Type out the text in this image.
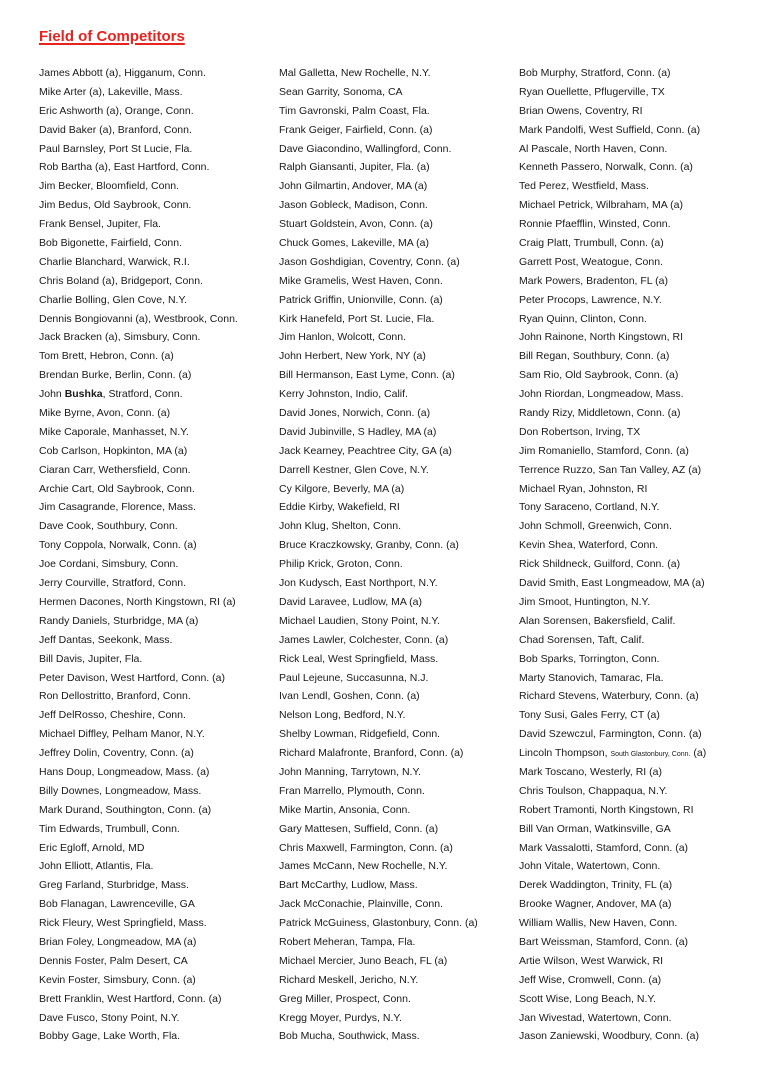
Field of Competitors
James Abbott (a), Higganum, Conn.
Mike Arter (a), Lakeville, Mass.
Eric Ashworth (a), Orange, Conn.
David Baker (a), Branford, Conn.
Paul Barnsley, Port St Lucie, Fla.
Rob Bartha (a), East Hartford, Conn.
Jim Becker, Bloomfield, Conn.
Jim Bedus, Old Saybrook, Conn.
Frank Bensel, Jupiter, Fla.
Bob Bigonette, Fairfield, Conn.
Charlie Blanchard, Warwick, R.I.
Chris Boland (a), Bridgeport, Conn.
Charlie Bolling, Glen Cove, N.Y.
Dennis Bongiovanni (a), Westbrook, Conn.
Jack Bracken (a), Simsbury, Conn.
Tom Brett, Hebron, Conn. (a)
Brendan Burke, Berlin, Conn. (a)
John Bushka, Stratford, Conn.
Mike Byrne, Avon, Conn. (a)
Mike Caporale, Manhasset, N.Y.
Cob Carlson, Hopkinton, MA (a)
Ciaran Carr, Wethersfield, Conn.
Archie Cart, Old Saybrook, Conn.
Jim Casagrande, Florence, Mass.
Dave Cook, Southbury, Conn.
Tony Coppola, Norwalk, Conn. (a)
Joe Cordani, Simsbury, Conn.
Jerry Courville, Stratford, Conn.
Hermen Dacones, North Kingstown, RI (a)
Randy Daniels, Sturbridge, MA (a)
Jeff Dantas, Seekonk, Mass.
Bill Davis, Jupiter, Fla.
Peter Davison, West Hartford, Conn. (a)
Ron Dellostritto, Branford, Conn.
Jeff DelRosso, Cheshire, Conn.
Michael Diffley, Pelham Manor, N.Y.
Jeffrey Dolin, Coventry, Conn. (a)
Hans Doup, Longmeadow, Mass. (a)
Billy Downes, Longmeadow, Mass.
Mark Durand, Southington, Conn. (a)
Tim Edwards, Trumbull, Conn.
Eric Egloff, Arnold, MD
John Elliott, Atlantis, Fla.
Greg Farland, Sturbridge, Mass.
Bob Flanagan, Lawrenceville, GA
Rick Fleury, West Springfield, Mass.
Brian Foley, Longmeadow, MA (a)
Dennis Foster, Palm Desert, CA
Kevin Foster, Simsbury, Conn. (a)
Brett Franklin, West Hartford, Conn. (a)
Dave Fusco, Stony Point, N.Y.
Bobby Gage, Lake Worth, Fla.
Mal Galletta, New Rochelle, N.Y.
Sean Garrity, Sonoma, CA
Tim Gavronski, Palm Coast, Fla.
Frank Geiger, Fairfield, Conn. (a)
Dave Giacondino, Wallingford, Conn.
Ralph Giansanti, Jupiter, Fla. (a)
John Gilmartin, Andover, MA (a)
Jason Gobleck, Madison, Conn.
Stuart Goldstein, Avon, Conn. (a)
Chuck Gomes, Lakeville, MA (a)
Jason Goshdigian, Coventry, Conn. (a)
Mike Gramelis, West Haven, Conn.
Patrick Griffin, Unionville, Conn. (a)
Kirk Hanefeld, Port St. Lucie, Fla.
Jim Hanlon, Wolcott, Conn.
John Herbert, New York, NY (a)
Bill Hermanson, East Lyme, Conn. (a)
Kerry Johnston, Indio, Calif.
David Jones, Norwich, Conn. (a)
David Jubinville, S Hadley, MA (a)
Jack Kearney, Peachtree City, GA (a)
Darrell Kestner, Glen Cove, N.Y.
Cy Kilgore, Beverly, MA (a)
Eddie Kirby, Wakefield, RI
John Klug, Shelton, Conn.
Bruce Kraczkowsky, Granby, Conn. (a)
Philip Krick, Groton, Conn.
Jon Kudysch, East Northport, N.Y.
David Laravee, Ludlow, MA (a)
Michael Laudien, Stony Point, N.Y.
James Lawler, Colchester, Conn. (a)
Rick Leal, West Springfield, Mass.
Paul Lejeune, Succasunna, N.J.
Ivan Lendl, Goshen, Conn. (a)
Nelson Long, Bedford, N.Y.
Shelby Lowman, Ridgefield, Conn.
Richard Malafronte, Branford, Conn. (a)
John Manning, Tarrytown, N.Y.
Fran Marrello, Plymouth, Conn.
Mike Martin, Ansonia, Conn.
Gary Mattesen, Suffield, Conn. (a)
Chris Maxwell, Farmington, Conn. (a)
James McCann, New Rochelle, N.Y.
Bart McCarthy, Ludlow, Mass.
Jack McConachie, Plainville, Conn.
Patrick McGuiness, Glastonbury, Conn. (a)
Robert Meheran, Tampa, Fla.
Michael Mercier, Juno Beach, FL (a)
Richard Meskell, Jericho, N.Y.
Greg Miller, Prospect, Conn.
Kregg Moyer, Purdys, N.Y.
Bob Mucha, Southwick, Mass.
Bob Murphy, Stratford, Conn. (a)
Ryan Ouellette, Pflugerville, TX
Brian Owens, Coventry, RI
Mark Pandolfi, West Suffield, Conn. (a)
Al Pascale, North Haven, Conn.
Kenneth Passero, Norwalk, Conn. (a)
Ted Perez, Westfield, Mass.
Michael Petrick, Wilbraham, MA (a)
Ronnie Pfaefflin, Winsted, Conn.
Craig Platt, Trumbull, Conn. (a)
Garrett Post, Weatogue, Conn.
Mark Powers, Bradenton, FL (a)
Peter Procops, Lawrence, N.Y.
Ryan Quinn, Clinton, Conn.
John Rainone, North Kingstown, RI
Bill Regan, Southbury, Conn. (a)
Sam Rio, Old Saybrook, Conn. (a)
John Riordan, Longmeadow, Mass.
Randy Rizy, Middletown, Conn. (a)
Don Robertson, Irving, TX
Jim Romaniello, Stamford, Conn. (a)
Terrence Ruzzo, San Tan Valley, AZ (a)
Michael Ryan, Johnston, RI
Tony Saraceno, Cortland, N.Y.
John Schmoll, Greenwich, Conn.
Kevin Shea, Waterford, Conn.
Rick Shildneck, Guilford, Conn. (a)
David Smith, East Longmeadow, MA (a)
Jim Smoot, Huntington, N.Y.
Alan Sorensen, Bakersfield, Calif.
Chad Sorensen, Taft, Calif.
Bob Sparks, Torrington, Conn.
Marty Stanovich, Tamarac, Fla.
Richard Stevens, Waterbury, Conn. (a)
Tony Susi, Gales Ferry, CT (a)
David Szewczul, Farmington, Conn. (a)
Lincoln Thompson, South Glastonbury, Conn. (a)
Mark Toscano, Westerly, RI (a)
Chris Toulson, Chappaqua, N.Y.
Robert Tramonti, North Kingstown, RI
Bill Van Orman, Watkinsville, GA
Mark Vassalotti, Stamford, Conn. (a)
John Vitale, Watertown, Conn.
Derek Waddington, Trinity, FL (a)
Brooke Wagner, Andover, MA (a)
William Wallis, New Haven, Conn.
Bart Weissman, Stamford, Conn. (a)
Artie Wilson, West Warwick, RI
Jeff Wise, Cromwell, Conn. (a)
Scott Wise, Long Beach, N.Y.
Jan Wivestad, Watertown, Conn.
Jason Zaniewski, Woodbury, Conn. (a)
